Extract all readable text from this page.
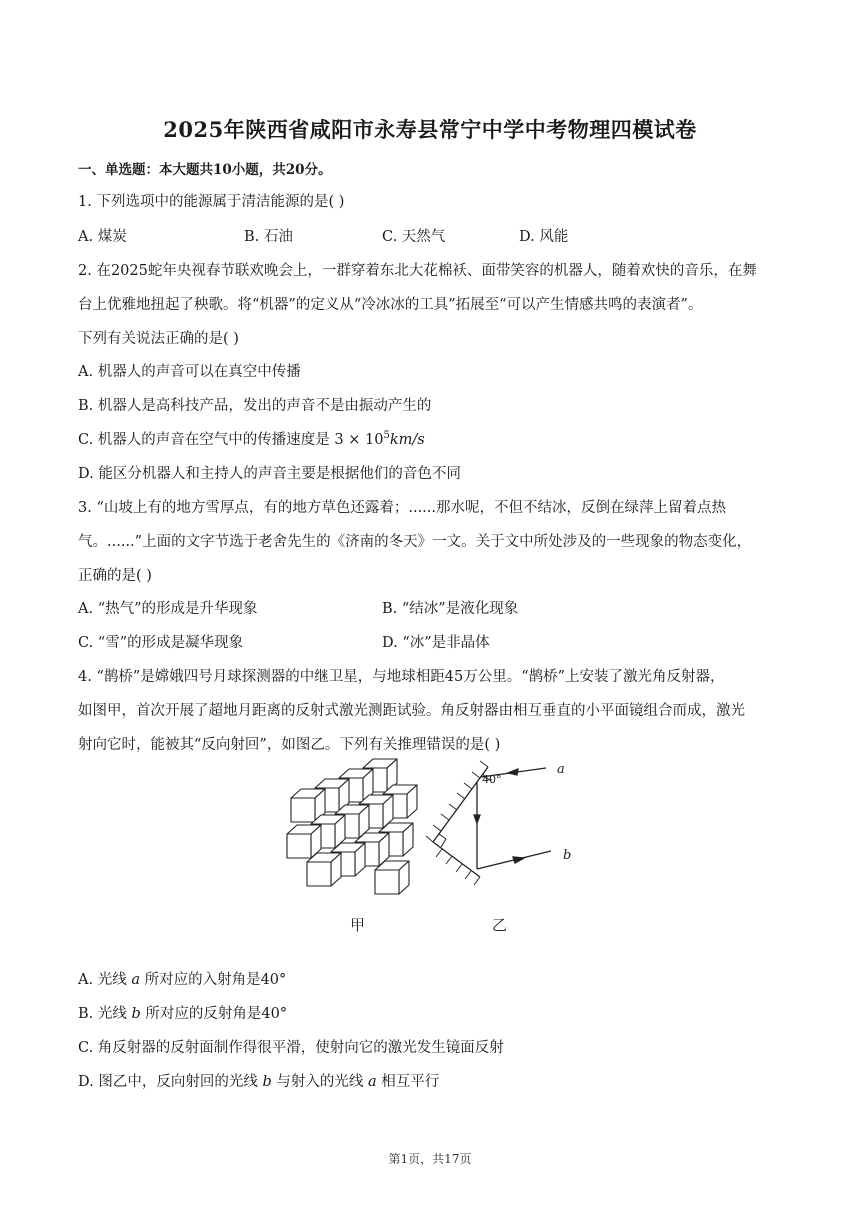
2025年陕西省咸阳市永寿县常宁中学中考物理四模试卷
一、单选题：本大题共10小题，共20分。
1. 下列选项中的能源属于清洁能源的是( )
A. 煤炭	B. 石油	C. 天然气	D. 风能
2. 在2025蛇年央视春节联欢晚会上，一群穿着东北大花棉袄、面带笑容的机器人，随着欢快的音乐，在舞
台上优雅地扭起了秧歌。将“机器”的定义从“冷冰冰的工具”拓展至“可以产生情感共鸣的表演者”。
下列有关说法正确的是( )
A. 机器人的声音可以在真空中传播
B. 机器人是高科技产品，发出的声音不是由振动产生的
C. 机器人的声音在空气中的传播速度是 $3 \times 10^5km/s$
D. 能区分机器人和主持人的声音主要是根据他们的音色不同
3. “山坡上有的地方雪厚点，有的地方草色还露着；......那水呢，不但不结冰，反倒在绿萍上留着点热
气。......”上面的文字节选于老舍先生的《济南的冬天》一文。关于文中所处涉及的一些现象的物态变化，
正确的是( )
A. “热气”的形成是升华现象	B. “结冰”是液化现象
C. “雪”的形成是凝华现象	D. “冰”是非晶体
4. “鹊桥”是嫦娥四号月球探测器的中继卫星，与地球相距45万公里。“鹊桥”上安装了激光角反射器，
如图甲，首次开展了超地月距离的反射式激光测距试验。角反射器由相互垂直的小平面镜组合而成，激光
射向它时，能被其“反向射回”，如图乙。下列有关推理错误的是( )
40°
a
b
甲	乙
A. 光线 a 所对应的入射角是40°
B. 光线 b 所对应的反射角是40°
C. 角反射器的反射面制作得很平滑，使射向它的激光发生镜面反射
D. 图乙中，反向射回的光线 b 与射入的光线 a 相互平行
第1页，共17页
